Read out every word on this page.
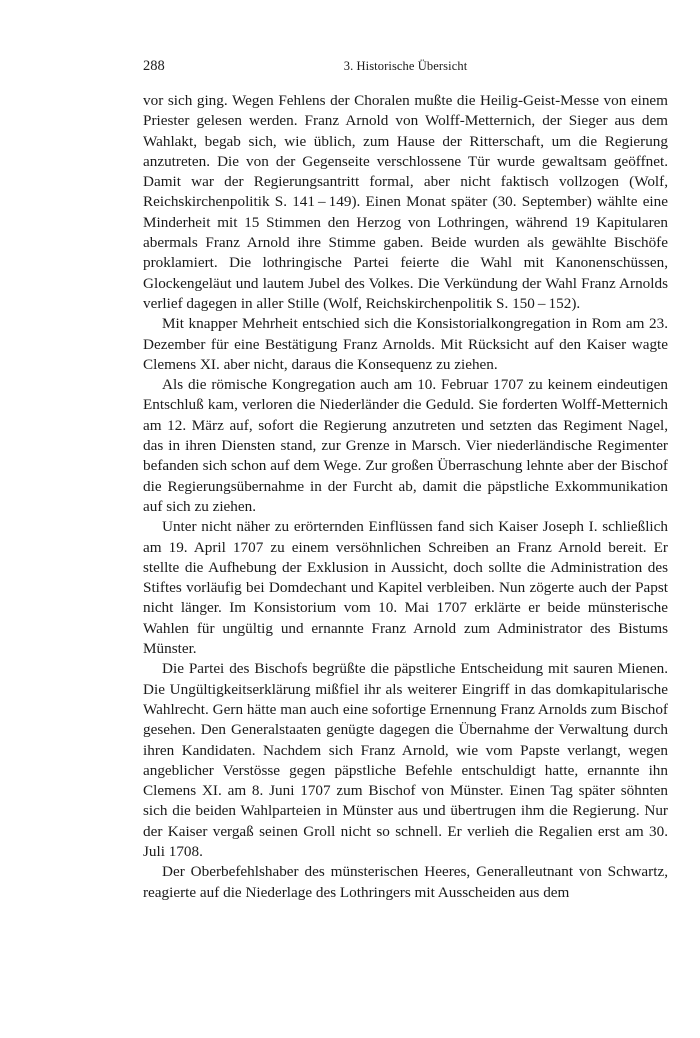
288	3. Historische Übersicht

vor sich ging. Wegen Fehlens der Choralen mußte die Heilig-Geist-Messe von einem Priester gelesen werden. Franz Arnold von Wolff-Metternich, der Sieger aus dem Wahlakt, begab sich, wie üblich, zum Hause der Ritterschaft, um die Regierung anzutreten. Die von der Gegenseite verschlossene Tür wurde gewaltsam geöffnet. Damit war der Regierungsantritt formal, aber nicht faktisch vollzogen (Wolf, Reichskirchenpolitik S. 141 – 149). Einen Monat später (30. September) wählte eine Minderheit mit 15 Stimmen den Herzog von Lothringen, während 19 Kapitularen abermals Franz Arnold ihre Stimme gaben. Beide wurden als gewählte Bischöfe proklamiert. Die lothringische Partei feierte die Wahl mit Kanonenschüssen, Glockengeläut und lautem Jubel des Volkes. Die Verkündung der Wahl Franz Arnolds verlief dagegen in aller Stille (Wolf, Reichskirchenpolitik S. 150 – 152).

Mit knapper Mehrheit entschied sich die Konsistorialkongregation in Rom am 23. Dezember für eine Bestätigung Franz Arnolds. Mit Rücksicht auf den Kaiser wagte Clemens XI. aber nicht, daraus die Konsequenz zu ziehen.

Als die römische Kongregation auch am 10. Februar 1707 zu keinem eindeutigen Entschluß kam, verloren die Niederländer die Geduld. Sie forderten Wolff-Metternich am 12. März auf, sofort die Regierung anzutreten und setzten das Regiment Nagel, das in ihren Diensten stand, zur Grenze in Marsch. Vier niederländische Regimenter befanden sich schon auf dem Wege. Zur großen Überraschung lehnte aber der Bischof die Regierungsübernahme in der Furcht ab, damit die päpstliche Exkommunikation auf sich zu ziehen.

Unter nicht näher zu erörternden Einflüssen fand sich Kaiser Joseph I. schließlich am 19. April 1707 zu einem versöhnlichen Schreiben an Franz Arnold bereit. Er stellte die Aufhebung der Exklusion in Aussicht, doch sollte die Administration des Stiftes vorläufig bei Domdechant und Kapitel verbleiben. Nun zögerte auch der Papst nicht länger. Im Konsistorium vom 10. Mai 1707 erklärte er beide münsterische Wahlen für ungültig und ernannte Franz Arnold zum Administrator des Bistums Münster.

Die Partei des Bischofs begrüßte die päpstliche Entscheidung mit sauren Mienen. Die Ungültigkeitserklärung mißfiel ihr als weiterer Eingriff in das domkapitularische Wahlrecht. Gern hätte man auch eine sofortige Ernennung Franz Arnolds zum Bischof gesehen. Den Generalstaaten genügte dagegen die Übernahme der Verwaltung durch ihren Kandidaten. Nachdem sich Franz Arnold, wie vom Papste verlangt, wegen angeblicher Verstösse gegen päpstliche Befehle entschuldigt hatte, ernannte ihn Clemens XI. am 8. Juni 1707 zum Bischof von Münster. Einen Tag später söhnten sich die beiden Wahlparteien in Münster aus und übertrugen ihm die Regierung. Nur der Kaiser vergaß seinen Groll nicht so schnell. Er verlieh die Regalien erst am 30. Juli 1708.

Der Oberbefehlshaber des münsterischen Heeres, Generalleutnant von Schwartz, reagierte auf die Niederlage des Lothringers mit Ausscheiden aus dem
